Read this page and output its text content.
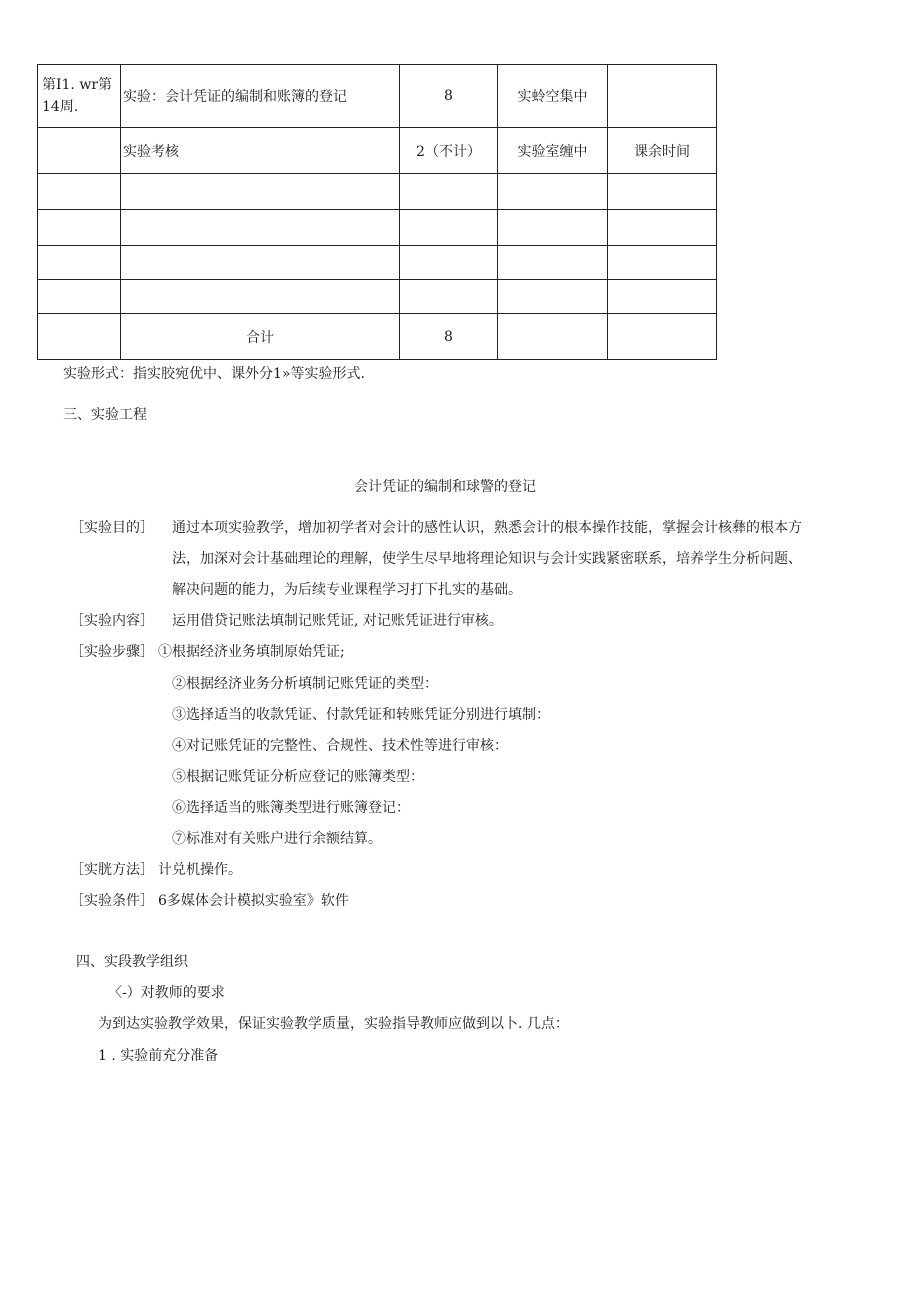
第I1. wr第
14周.	实验：会计凭证的编制和账簿的登记	8	实蛉空集中	
	实验考核	2（不计）	实验室缠中	课余时间

	合计	8		
实验形式：指实胶宛优中、课外分1»等实验形式.
三、实验工程
会计凭证的编制和球警的登记
［实验目的］ 通过本项实验教学，增加初学者对会计的感性认识，熟悉会计的根本操作技能，掌握会计核彝的根本方
法，加深对会计基础理论的理解，使学生尽早地将理论知识与会计实践紧密联系，培养学生分析问题、
解决问题的能力，为后续专业课程学习打下扎实的基础。
［实验内容］ 运用借贷记账法填制记账凭证, 对记账凭证进行审核。
［实验步骤］ ①根据经济业务填制原始凭证;
②根据经济业务分析填制记账凭证的类型：
③选择适当的收款凭证、付款凭证和转账凭证分别进行填制：
④对记账凭证的完整性、合规性、技术性等进行审核：
⑤根据记账凭证分析应登记的账簿类型：
⑥选择适当的账簿类型进行账簿登记：
⑦标准对有关账户进行余额结算。
［实胱方法］ 计兑机操作。
［实验条件］ 6多媒体会计模拟实验室》软件
四、实段教学组织
〈-）对教师的要求
为到达实验教学效果，保证实验教学质量，实验指导教师应做到以卜. 几点：
1 . 实验前充分准备
